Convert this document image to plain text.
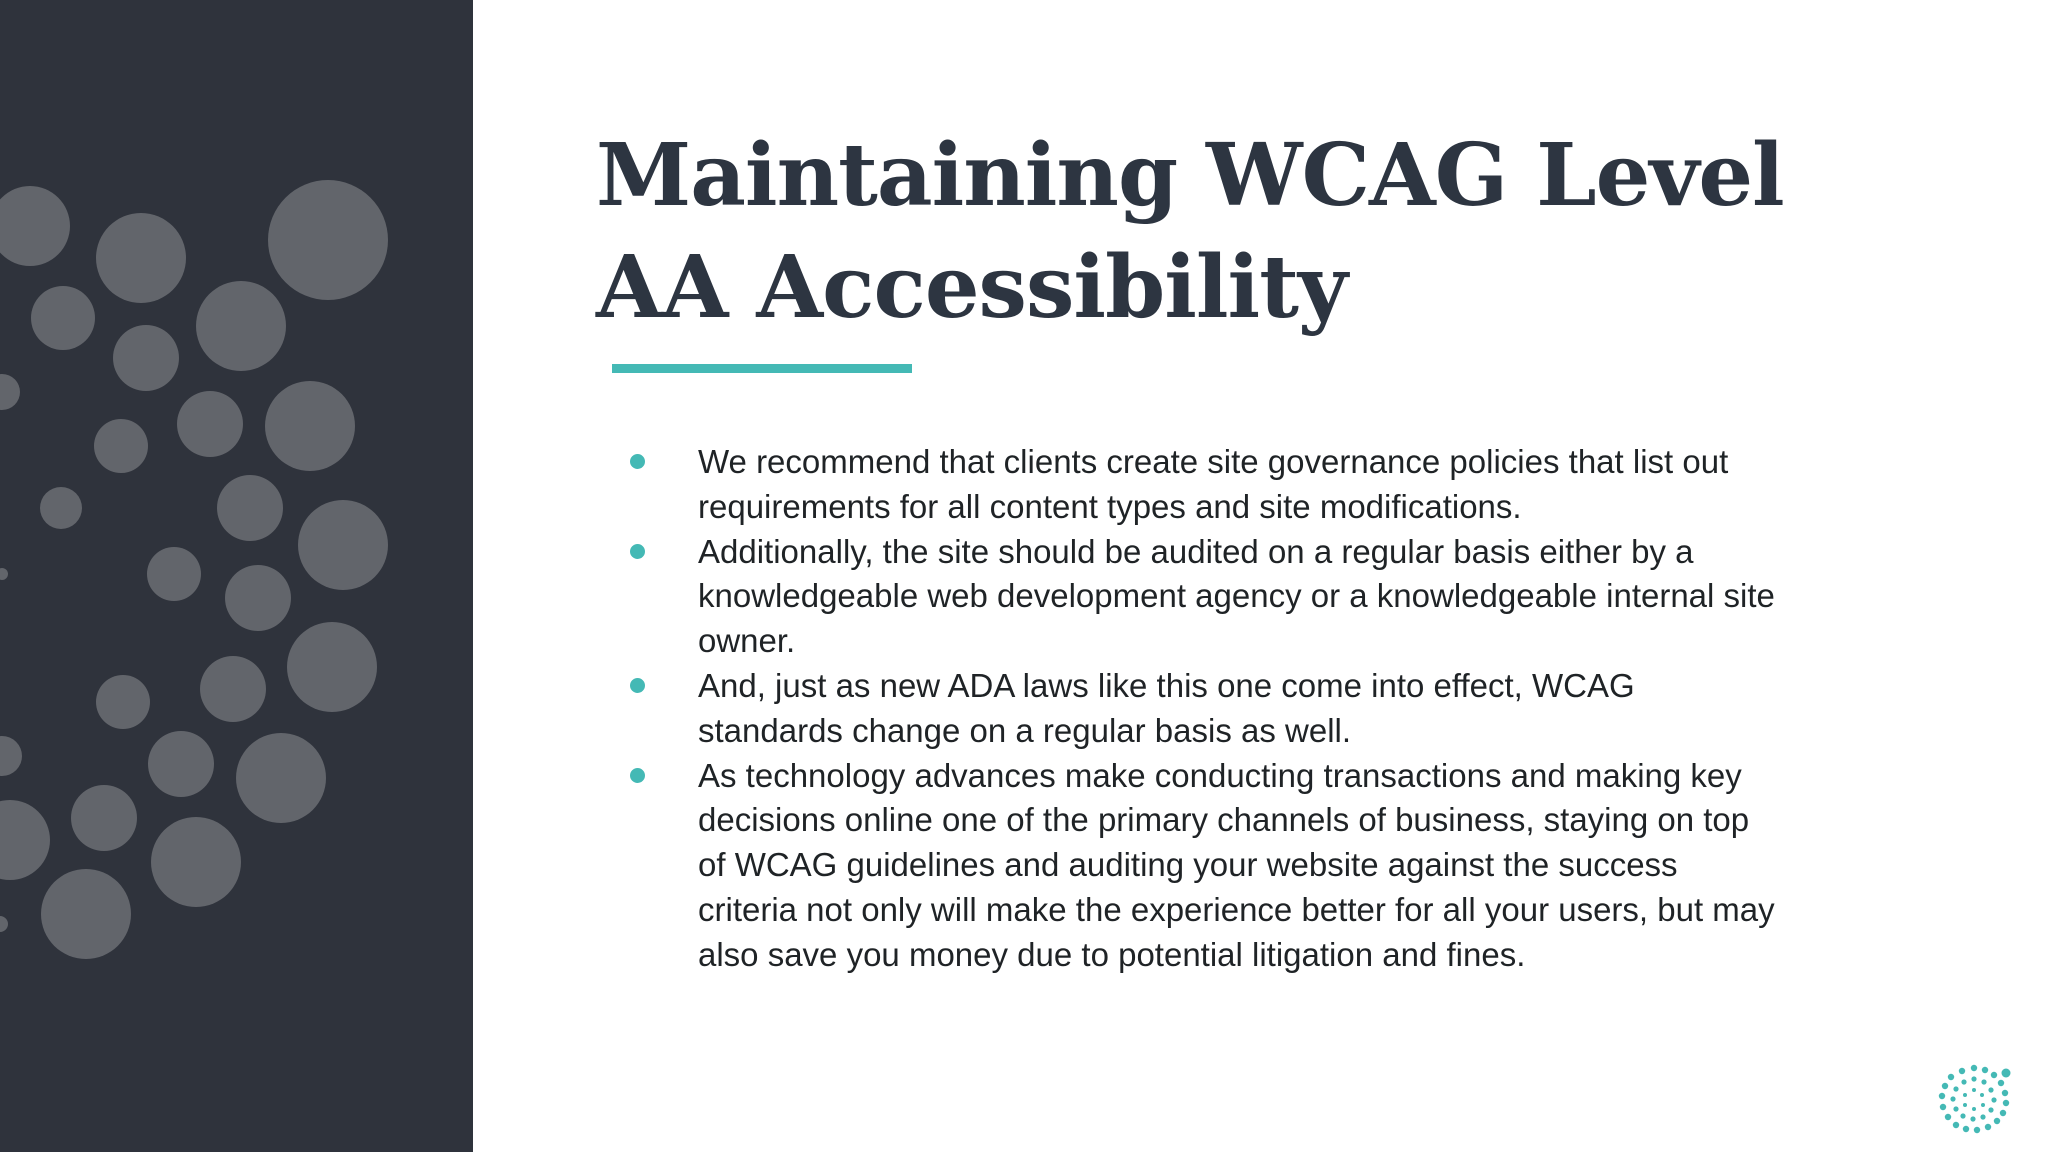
Maintaining WCAG Level AA Accessibility
We recommend that clients create site governance policies that list out requirements for all content types and site modifications.
Additionally, the site should be audited on a regular basis either by a knowledgeable web development agency or a knowledgeable internal site owner.
And, just as new ADA laws like this one come into effect, WCAG standards change on a regular basis as well.
As technology advances make conducting transactions and making key decisions online one of the primary channels of business, staying on top of WCAG guidelines and auditing your website against the success criteria not only will make the experience better for all your users, but may also save you money due to potential litigation and fines.
